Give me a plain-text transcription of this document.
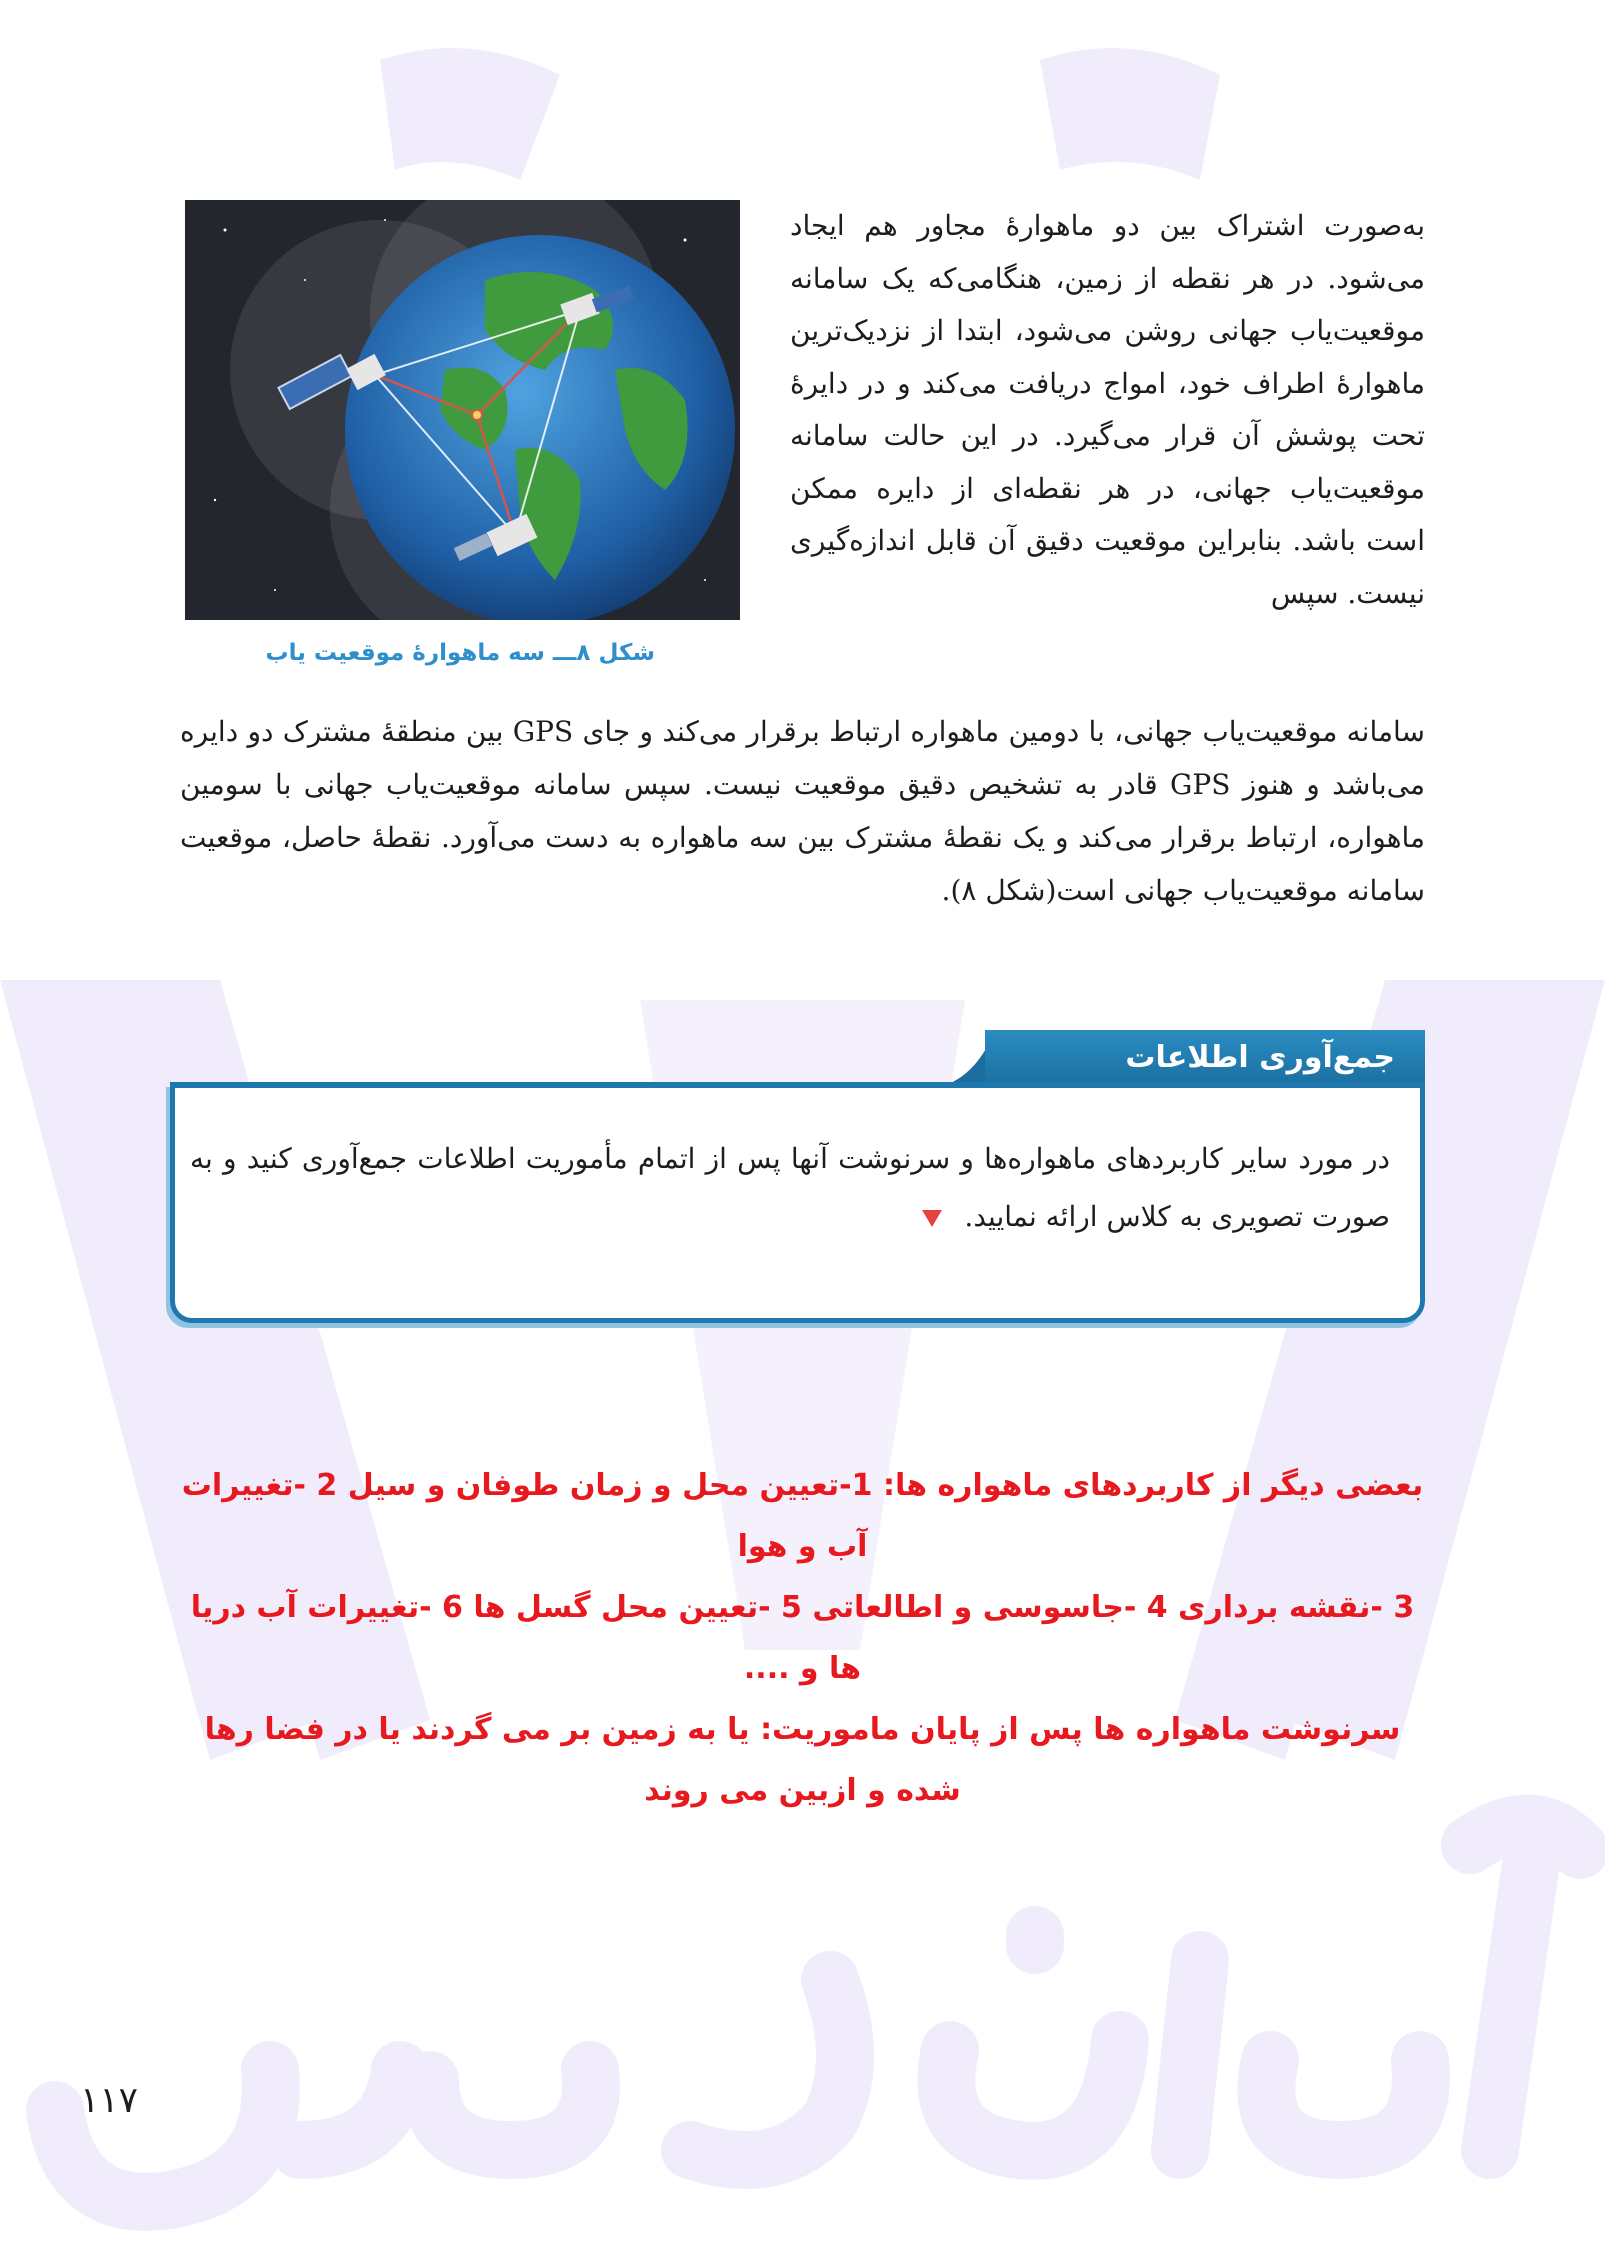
شکل ۸ـــ سه ماهوارهٔ موقعیت یاب
به‌صورت اشتراک بین دو ماهوارهٔ مجاور هم ایجاد می‌شود. در هر نقطه از زمین، هنگامی‌که یک سامانه موقعیت‌یاب جهانی روشن می‌شود، ابتدا از نزدیک‌ترین ماهوارهٔ اطراف خود، امواج دریافت می‌کند و در دایرهٔ تحت پوشش آن قرار می‌گیرد. در این حالت سامانه موقعیت‌یاب جهانی، در هر نقطه‌ای از دایره ممکن است باشد. بنابراین موقعیت دقیق آن قابل اندازه‌گیری نیست. سپس
سامانه موقعیت‌یاب جهانی، با دومین ماهواره ارتباط برقرار می‌کند و جای GPS بین منطقهٔ مشترک دو دایره می‌باشد و هنوز GPS قادر به تشخیص دقیق موقعیت نیست. سپس سامانه موقعیت‌یاب جهانی با سومین ماهواره، ارتباط برقرار می‌کند و یک نقطهٔ مشترک بین سه ماهواره به دست می‌آورد. نقطهٔ حاصل، موقعیت سامانه موقعیت‌یاب جهانی است(شکل ۸).
جمع‌آوری اطلاعات
در مورد سایر کاربردهای ماهواره‌ها و سرنوشت آنها پس از اتمام مأموریت اطلاعات جمع‌آوری کنید و به صورت تصویری به کلاس ارائه نمایید.

بعضی دیگر از کاربردهای ماهواره ها: 1-تعیین محل و زمان طوفان و سیل 2 -تغییرات آب و هوا

3 -نقشه برداری 4 -جاسوسی و اطالعاتی 5 -تعیین محل گسل ها 6 -تغییرات آب دریا ها و ....

سرنوشت ماهواره ها پس از پایان ماموریت: یا به زمین بر می گردند یا در فضا رها شده و ازبین می روند

۱۱۷
